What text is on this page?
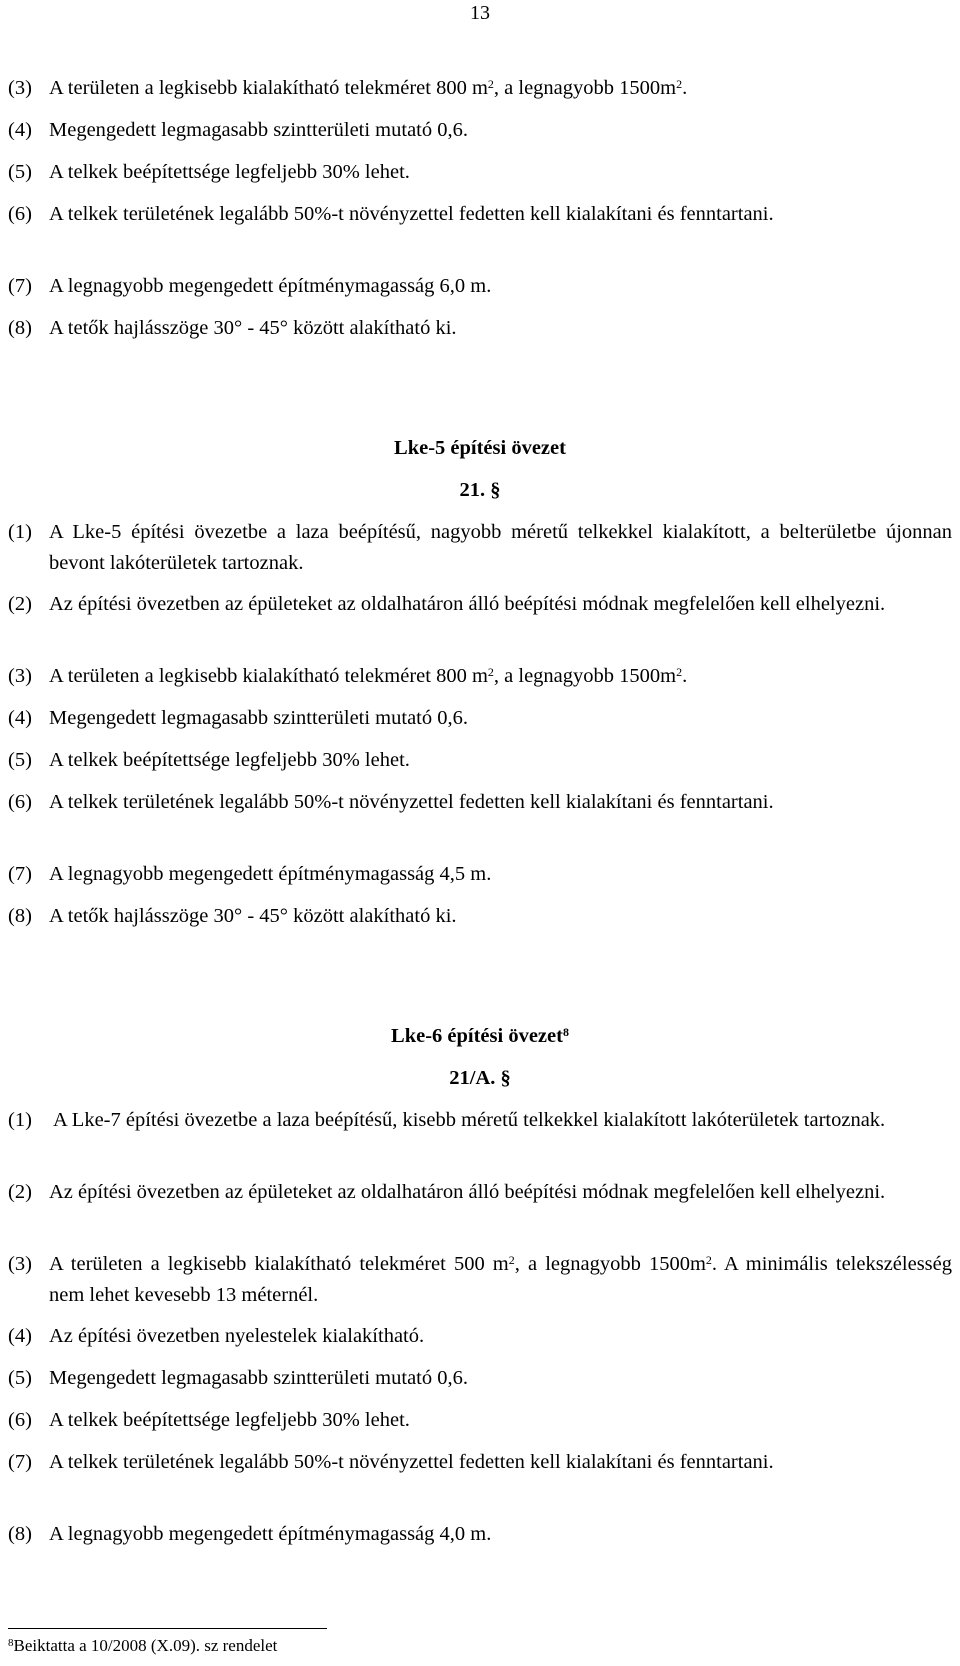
13
(3) A területen a legkisebb kialakítható telekméret 800 $m^2$, a legnagyobb $1500m^2$.
(4) Megengedett legmagasabb szintterületi mutató 0,6.
(5) A telkek beépítettsége legfeljebb 30% lehet.
(6) A telkek területének legalább 50%-t növényzettel fedetten kell kialakítani és fenntartani.
(7) A legnagyobb megengedett építménymagasság 6,0 m.
(8) A tetők hajlásszöge 30° - 45° között alakítható ki.
Lke-5 építési övezet
21. §
(1) A Lke-5 építési övezetbe a laza beépítésű, nagyobb méretű telkekkel kialakított, a belterületbe újonnan bevont lakóterületek tartoznak.
(2) Az építési övezetben az épületeket az oldalhatáron álló beépítési módnak megfelelően kell elhelyezni.
(3) A területen a legkisebb kialakítható telekméret 800 $m^2$, a legnagyobb $1500m^2$.
(4) Megengedett legmagasabb szintterületi mutató 0,6.
(5) A telkek beépítettsége legfeljebb 30% lehet.
(6) A telkek területének legalább 50%-t növényzettel fedetten kell kialakítani és fenntartani.
(7) A legnagyobb megengedett építménymagasság 4,5 m.
(8) A tetők hajlásszöge 30° - 45° között alakítható ki.
Lke-6 építési övezet$^8$
21/A. §
(1) A Lke-7 építési övezetbe a laza beépítésű, kisebb méretű telkekkel kialakított lakóterületek tartoznak.
(2) Az építési övezetben az épületeket az oldalhatáron álló beépítési módnak megfelelően kell elhelyezni.
(3) A területen a legkisebb kialakítható telekméret 500 $m^2$, a legnagyobb $1500m^2$. A minimális telekszélesség nem lehet kevesebb 13 méternél.
(4) Az építési övezetben nyelestelek kialakítható.
(5) Megengedett legmagasabb szintterületi mutató 0,6.
(6) A telkek beépítettsége legfeljebb 30% lehet.
(7) A telkek területének legalább 50%-t növényzettel fedetten kell kialakítani és fenntartani.
(8) A legnagyobb megengedett építménymagasság 4,0 m.
$^8$Beiktatta a 10/2008 (X.09). sz rendelet
